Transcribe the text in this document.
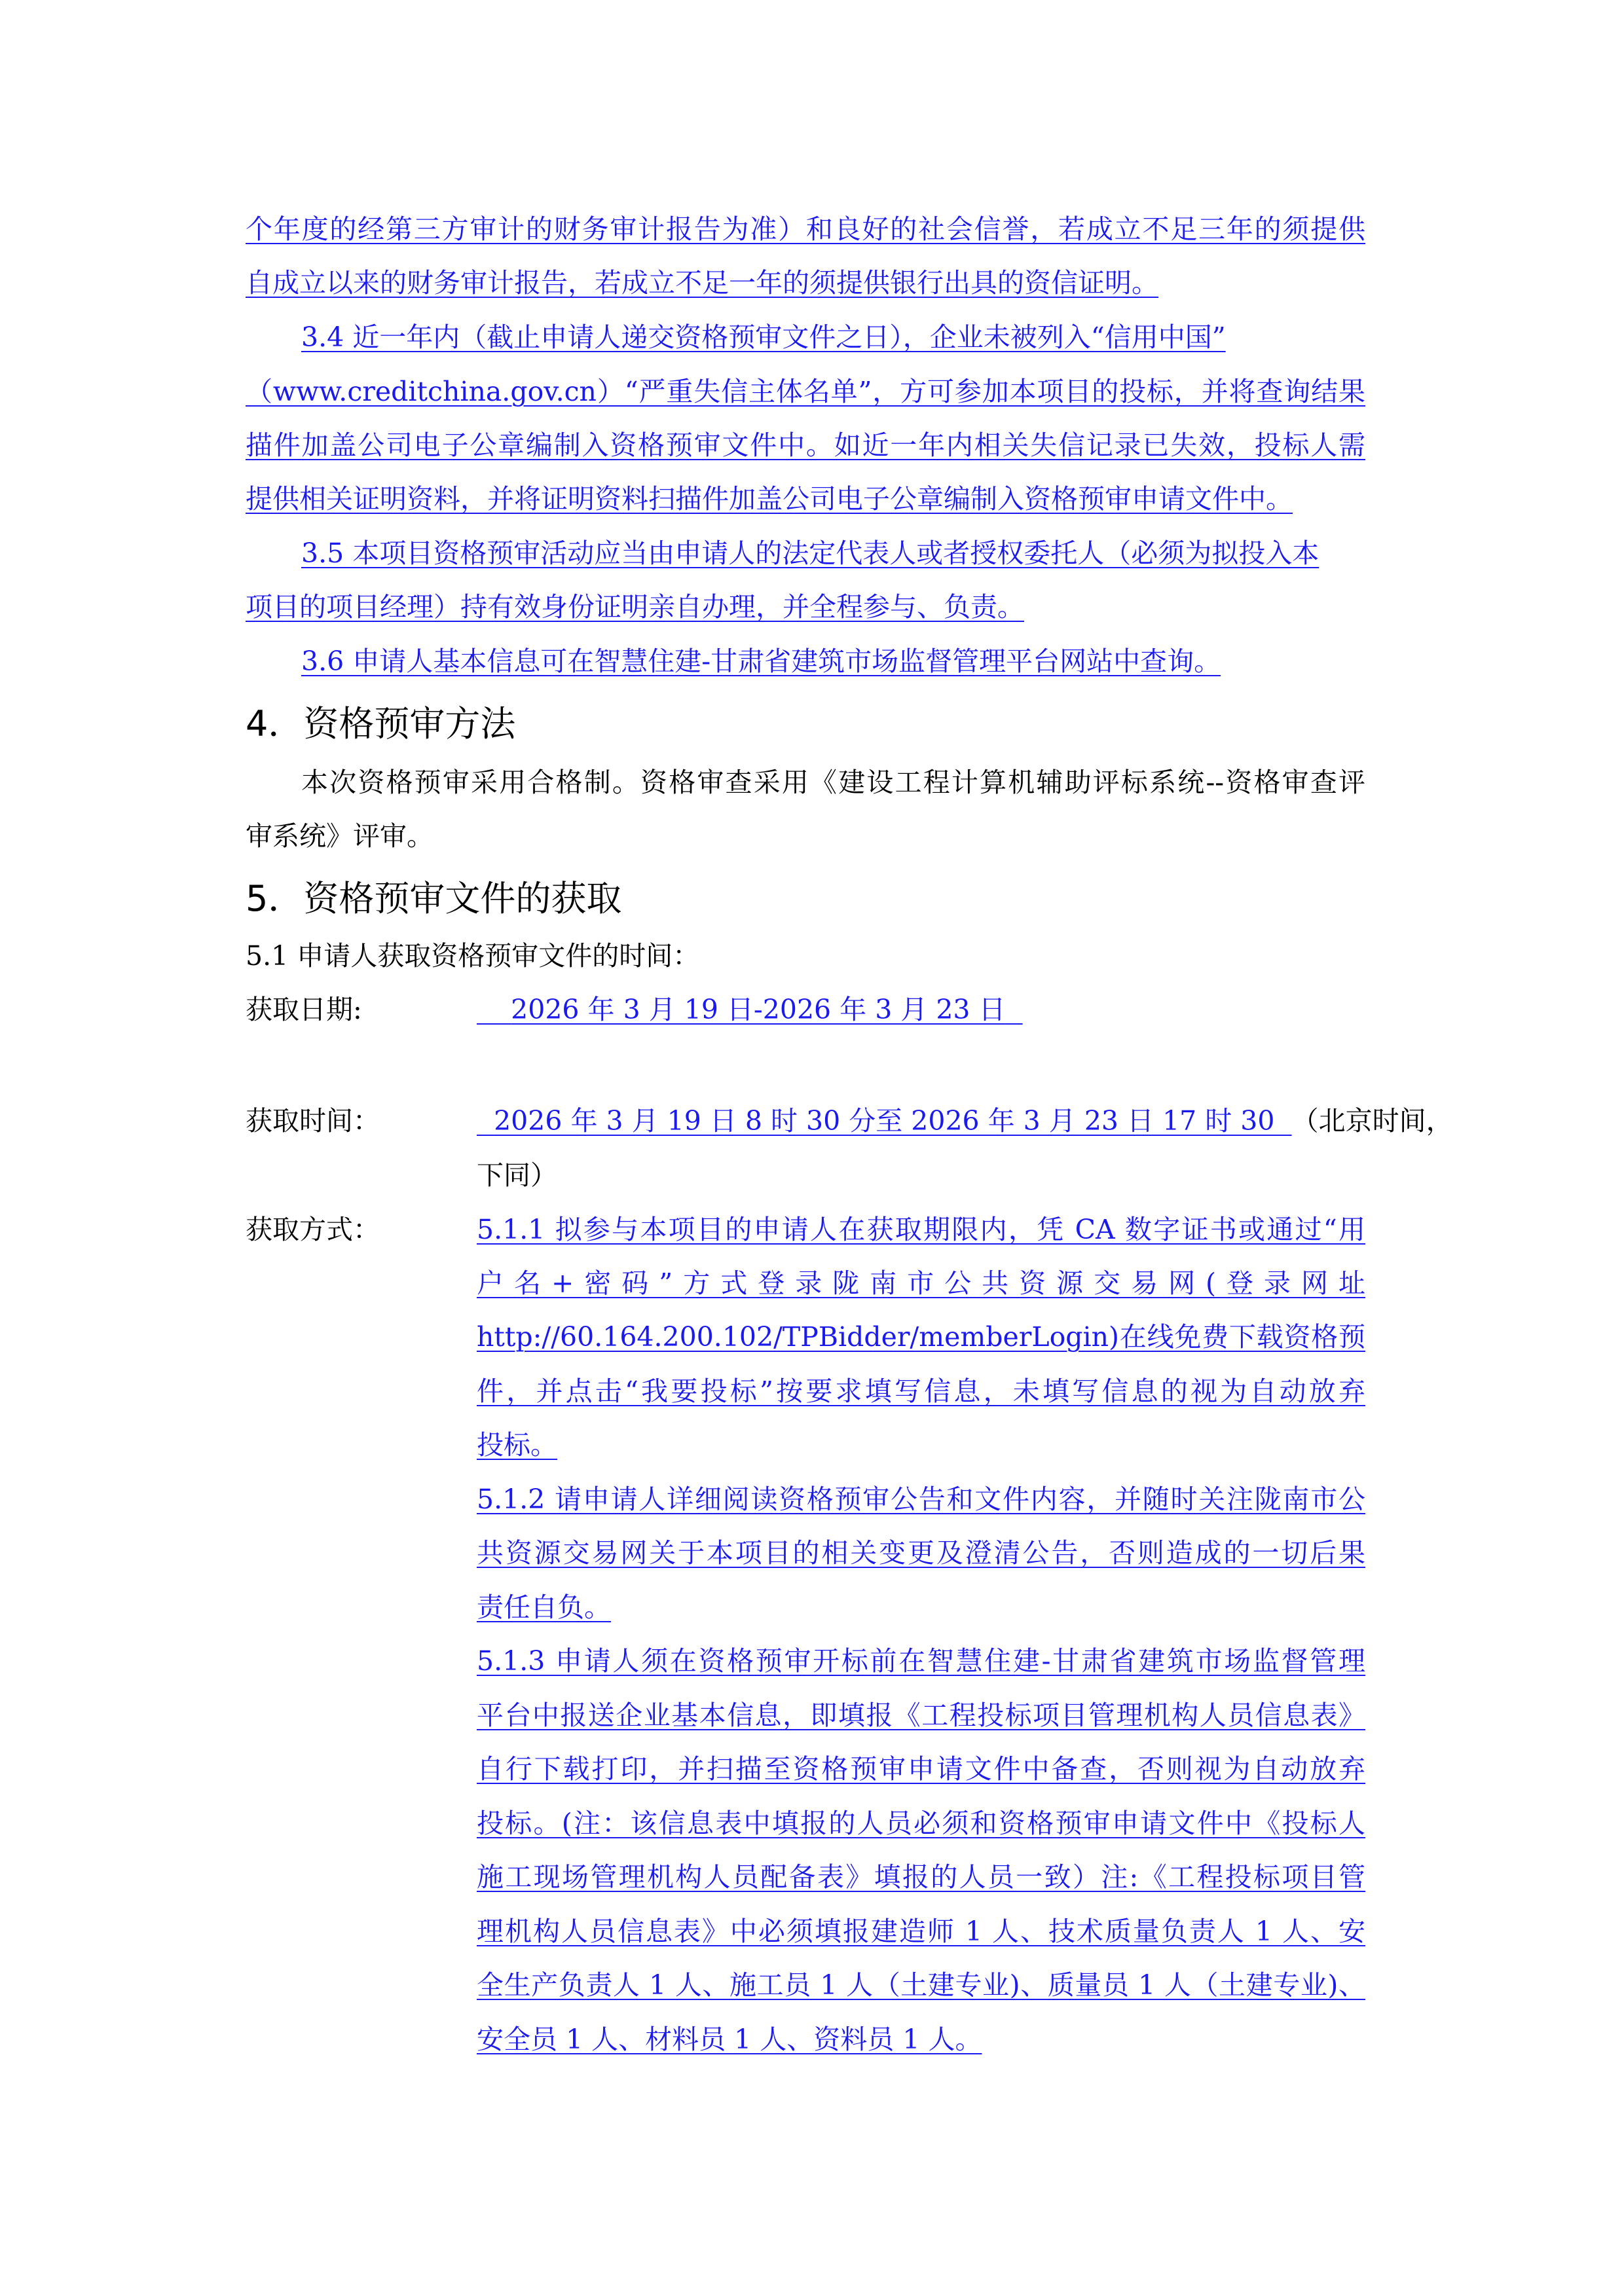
个年度的经第三方审计的财务审计报告为准）和良好的社会信誉，若成立不足三年的须提供
自成立以来的财务审计报告，若成立不足一年的须提供银行出具的资信证明。
3.4 近一年内（截止申请人递交资格预审文件之日），企业未被列入“信用中国”
（www.creditchina.gov.cn）“严重失信主体名单”，方可参加本项目的投标，并将查询结果
描件加盖公司电子公章编制入资格预审文件中。如近一年内相关失信记录已失效，投标人需
提供相关证明资料，并将证明资料扫描件加盖公司电子公章编制入资格预审申请文件中。
3.5 本项目资格预审活动应当由申请人的法定代表人或者授权委托人（必须为拟投入本
项目的项目经理）持有效身份证明亲自办理，并全程参与、负责。
3.6 申请人基本信息可在智慧住建-甘肃省建筑市场监督管理平台网站中查询。
4．资格预审方法
本次资格预审采用合格制。资格审查采用《建设工程计算机辅助评标系统--资格审查评
审系统》评审。
5．资格预审文件的获取
5.1 申请人获取资格预审文件的时间：
获取日期:
  	2026 年 3 月 19 日-2026 年 3 月 23 日 
获取时间：
 	2026 年 3 月 19 日 8 时 30 分至 2026 年 3 月 23 日 17 时 30  （北京时间，
下同）
获取方式：	5.1.1 拟参与本项目的申请人在获取期限内，凭 CA 数字证书或通过“用
户名+密码”方式登录陇南市公共资源交易网(登录网址
http://60.164.200.102/TPBidder/memberLogin)在线免费下载资格预
件，并点击“我要投标”按要求填写信息，未填写信息的视为自动放弃
投标。
5.1.2 请申请人详细阅读资格预审公告和文件内容，并随时关注陇南市公
共资源交易网关于本项目的相关变更及澄清公告，否则造成的一切后果
责任自负。
5.1.3 申请人须在资格预审开标前在智慧住建-甘肃省建筑市场监督管理
平台中报送企业基本信息，即填报《工程投标项目管理机构人员信息表》
自行下载打印，并扫描至资格预审申请文件中备查，否则视为自动放弃
投标。(注：该信息表中填报的人员必须和资格预审申请文件中《投标人
施工现场管理机构人员配备表》填报的人员一致）注:《工程投标项目管
理机构人员信息表》中必须填报建造师 1 人、技术质量负责人 1 人、安
全生产负责人 1 人、施工员 1 人（土建专业)、质量员 1 人（土建专业)、
安全员 1 人、材料员 1 人、资料员 1 人。
